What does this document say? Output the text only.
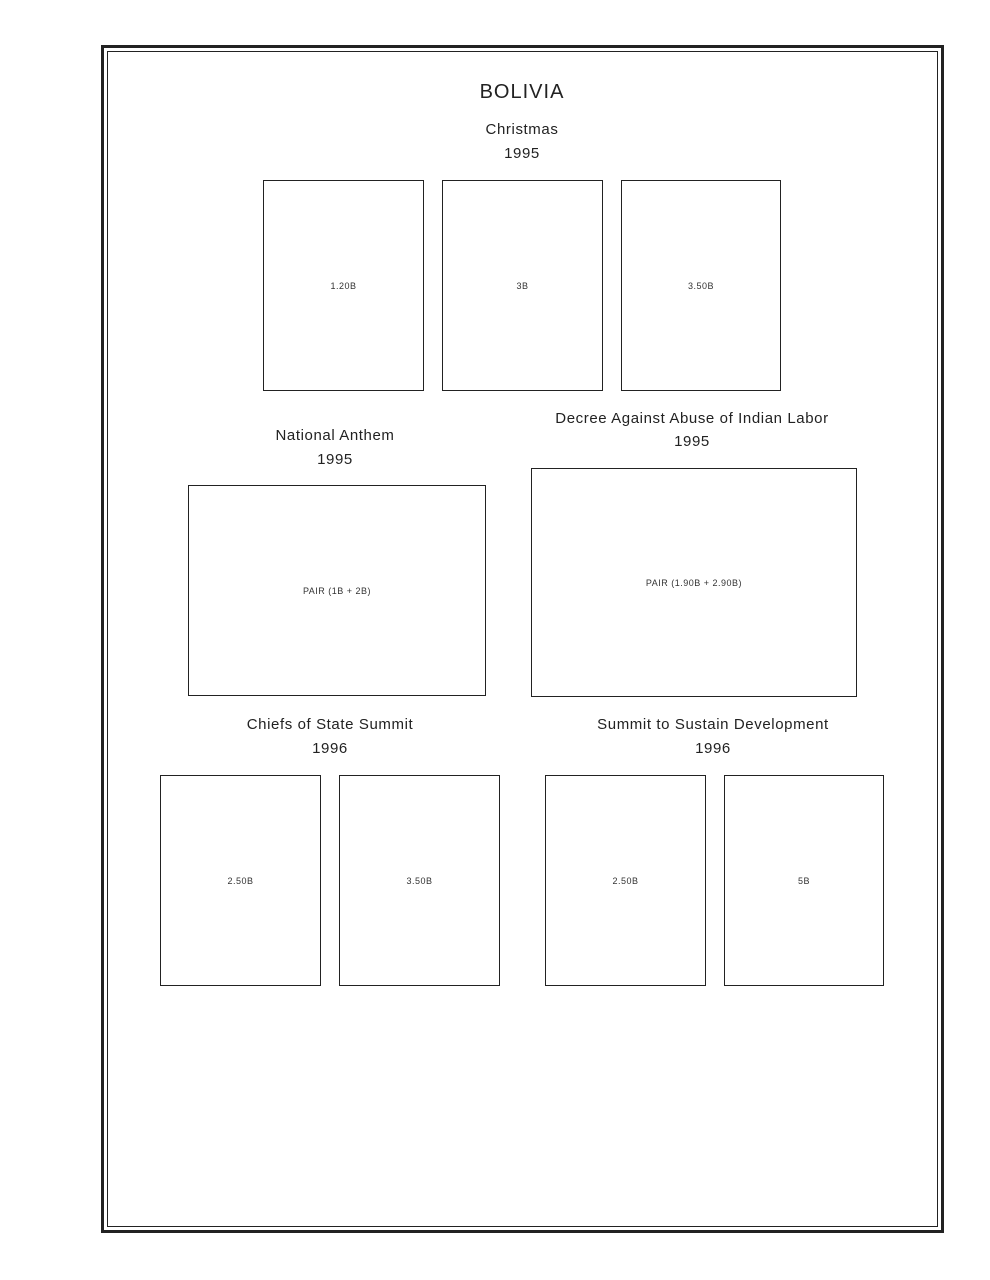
BOLIVIA
Christmas
1995
1.20B	3B	3.50B
National Anthem
1995
PAIR (1B + 2B)
Decree Against Abuse of Indian Labor
1995
PAIR (1.90B + 2.90B)
Chiefs of State Summit
1996
2.50B	3.50B
Summit to Sustain Development
1996
2.50B	5B
